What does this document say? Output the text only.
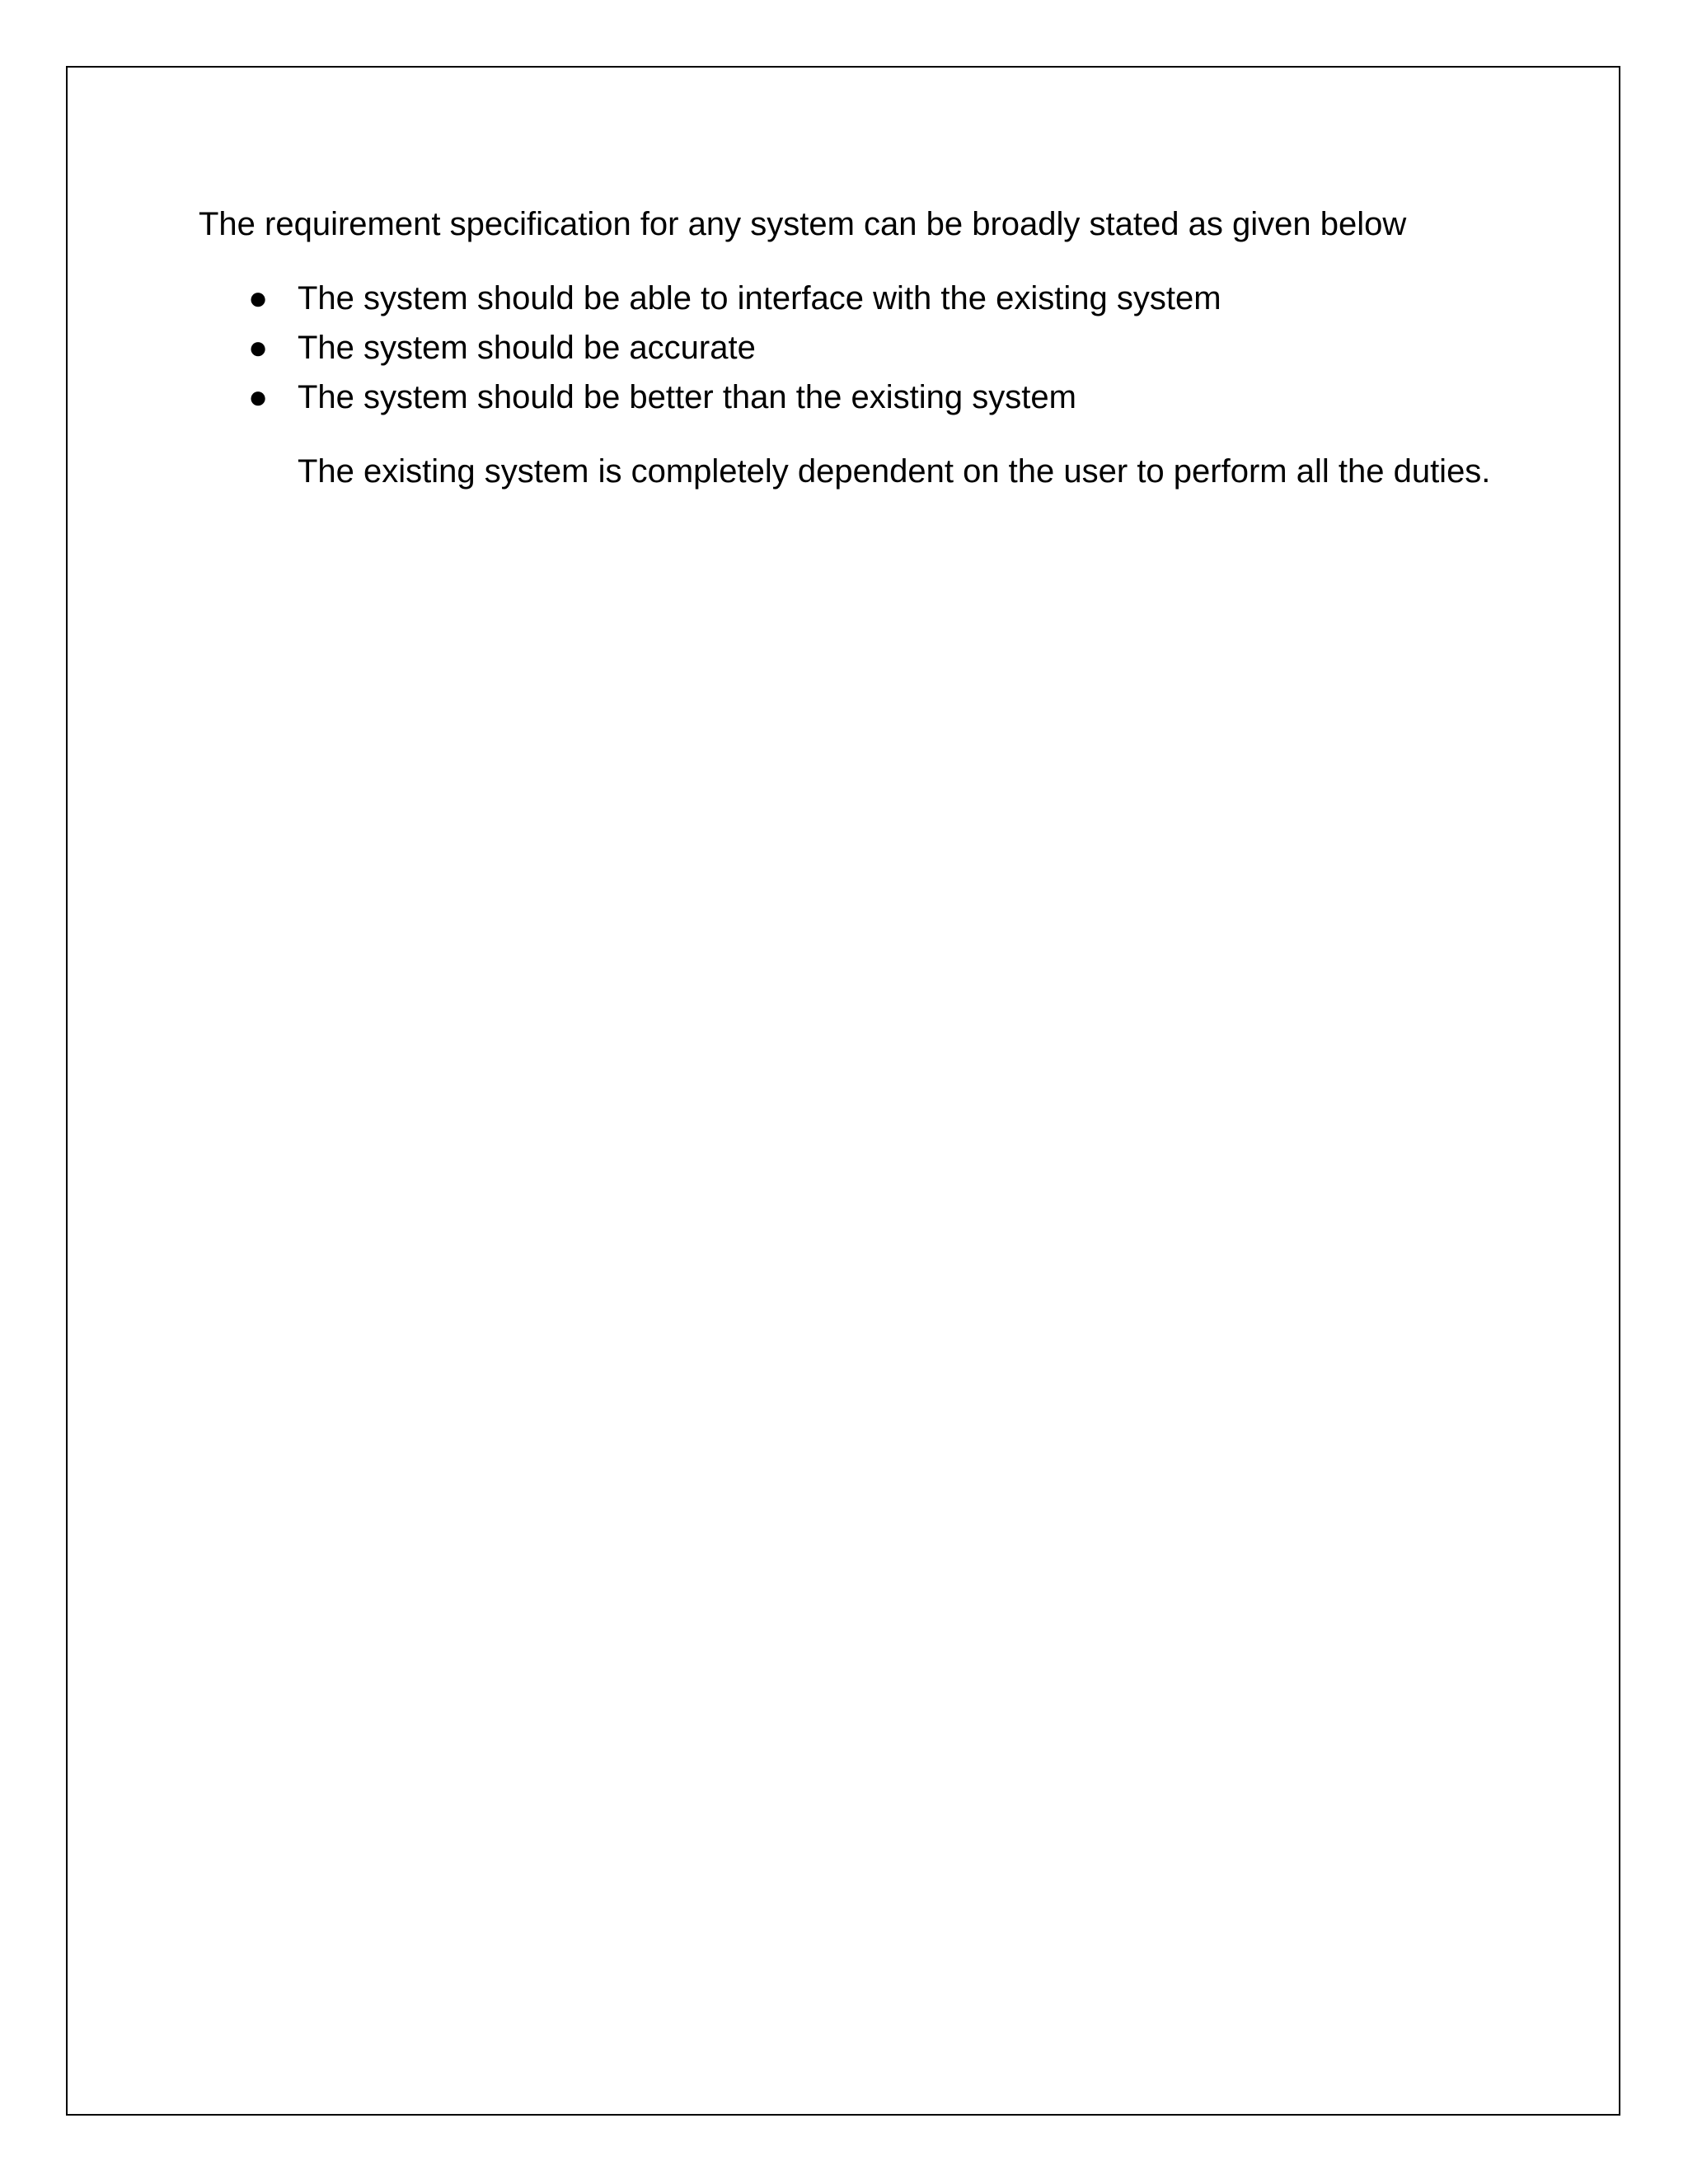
The requirement specification for any system can be broadly stated as given below

● The system should be able to interface with the existing system
● The system should be accurate
● The system should be better than the existing system

The existing system is completely dependent on the user to perform all the duties.
